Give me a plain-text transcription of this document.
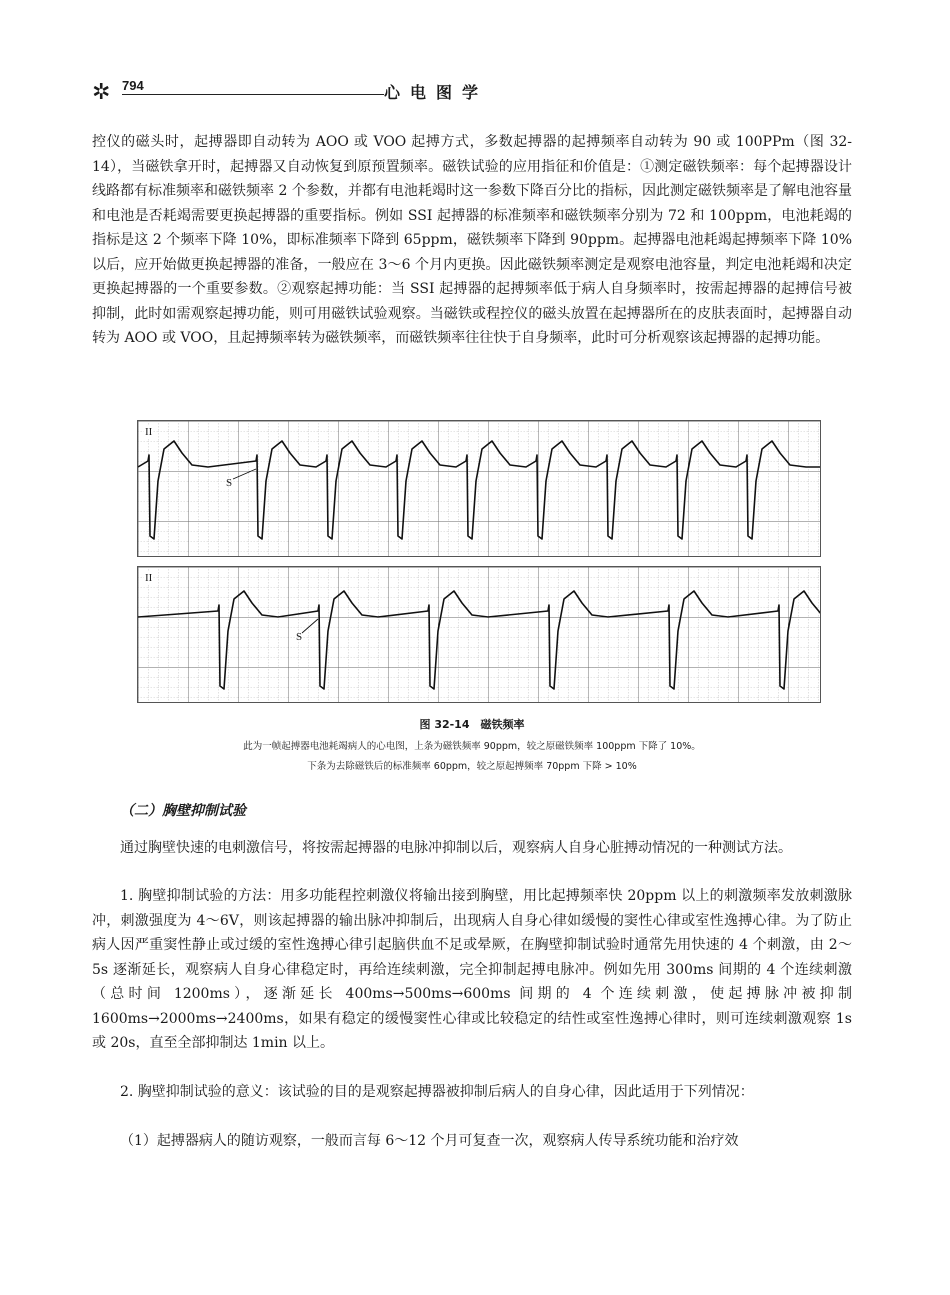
✲ 794	心电图学

控仪的磁头时，起搏器即自动转为 AOO 或 VOO 起搏方式，多数起搏器的起搏频率自动转为 90 或 100PPm（图 32-14），当磁铁拿开时，起搏器又自动恢复到原预置频率。磁铁试验的应用指征和价值是：①测定磁铁频率：每个起搏器设计线路都有标准频率和磁铁频率 2 个参数，并都有电池耗竭时这一参数下降百分比的指标，因此测定磁铁频率是了解电池容量和电池是否耗竭需要更换起搏器的重要指标。例如 SSI 起搏器的标准频率和磁铁频率分别为 72 和 100ppm，电池耗竭的指标是这 2 个频率下降 10%，即标准频率下降到 65ppm，磁铁频率下降到 90ppm。起搏器电池耗竭起搏频率下降 10% 以后，应开始做更换起搏器的准备，一般应在 3～6 个月内更换。因此磁铁频率测定是观察电池容量，判定电池耗竭和决定更换起搏器的一个重要参数。②观察起搏功能：当 SSI 起搏器的起搏频率低于病人自身频率时，按需起搏器的起搏信号被抑制，此时如需观察起搏功能，则可用磁铁试验观察。当磁铁或程控仪的磁头放置在起搏器所在的皮肤表面时，起搏器自动转为 AOO 或 VOO，且起搏频率转为磁铁频率，而磁铁频率往往快于自身频率，此时可分析观察该起搏器的起搏功能。

II
S
II
S
图 32-14　磁铁频率
此为一帧起搏器电池耗竭病人的心电图，上条为磁铁频率 90ppm，较之原磁铁频率 100ppm 下降了 10%。
下条为去除磁铁后的标准频率 60ppm，较之原起搏频率 70ppm 下降 > 10%
（二）胸壁抑制试验

通过胸壁快速的电刺激信号，将按需起搏器的电脉冲抑制以后，观察病人自身心脏搏动情况的一种测试方法。

1. 胸壁抑制试验的方法：用多功能程控刺激仪将输出接到胸壁，用比起搏频率快 20ppm 以上的刺激频率发放刺激脉冲，刺激强度为 4～6V，则该起搏器的输出脉冲抑制后，出现病人自身心律如缓慢的窦性心律或室性逸搏心律。为了防止病人因严重窦性静止或过缓的室性逸搏心律引起脑供血不足或晕厥，在胸壁抑制试验时通常先用快速的 4 个刺激，由 2～5s 逐渐延长，观察病人自身心律稳定时，再给连续刺激，完全抑制起搏电脉冲。例如先用 300ms 间期的 4 个连续刺激（总时间 1200ms），逐渐延长 400ms→500ms→600ms 间期的 4 个连续刺激，使起搏脉冲被抑制 1600ms→2000ms→2400ms，如果有稳定的缓慢窦性心律或比较稳定的结性或室性逸搏心律时，则可连续刺激观察 1s 或 20s，直至全部抑制达 1min 以上。

2. 胸壁抑制试验的意义：该试验的目的是观察起搏器被抑制后病人的自身心律，因此适用于下列情况：

（1）起搏器病人的随访观察，一般而言每 6～12 个月可复查一次，观察病人传导系统功能和治疗效
